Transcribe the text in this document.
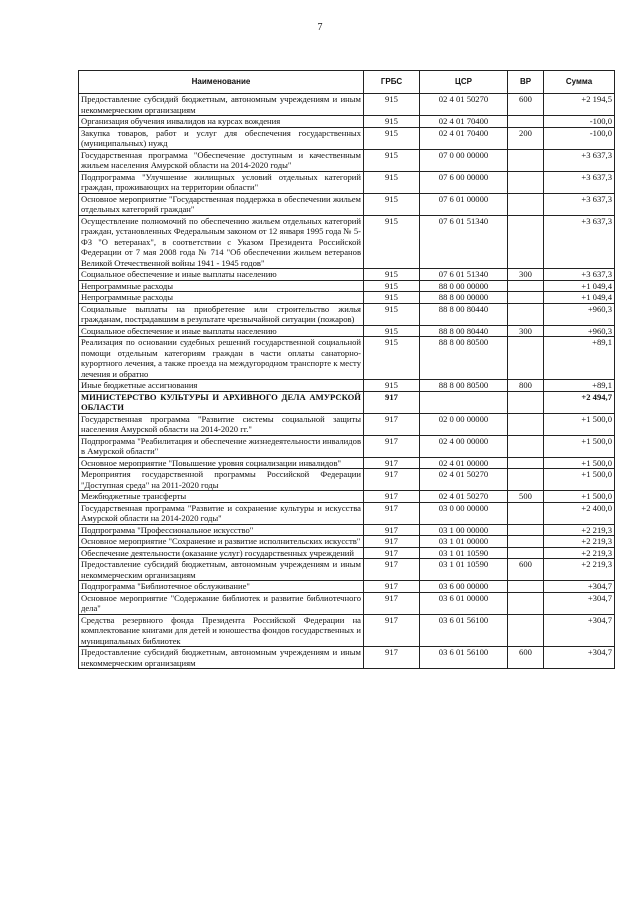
7
Наименование	ГРБС	ЦСР	ВР	Сумма
Предоставление субсидий бюджетным, автономным учреждениям и иным некоммерческим организациям	915	02 4 01 50270	600	+2 194,5
Организация обучения инвалидов на курсах вождения	915	02 4 01 70400		-100,0
Закупка товаров, работ и услуг для обеспечения государственных (муниципальных) нужд	915	02 4 01 70400	200	-100,0
Государственная программа "Обеспечение доступным и качественным жильем населения Амурской области на 2014-2020 годы"	915	07 0 00 00000		+3 637,3
Подпрограмма "Улучшение жилищных условий отдельных категорий граждан, проживающих на территории области"	915	07 6 00 00000		+3 637,3
Основное мероприятие "Государственная поддержка в обеспечении жильем отдельных категорий граждан"	915	07 6 01 00000		+3 637,3
Осуществление полномочий по обеспечению жильем отдельных категорий граждан, установленных Федеральным законом от 12 января 1995 года № 5-ФЗ "О ветеранах", в соответствии с Указом Президента Российской Федерации от 7 мая 2008 года № 714 "Об обеспечении жильем ветеранов Великой Отечественной войны 1941 - 1945 годов"	915	07 6 01 51340		+3 637,3
Социальное обеспечение и иные выплаты населению	915	07 6 01 51340	300	+3 637,3
Непрограммные расходы	915	88 0 00 00000		+1 049,4
Непрограммные расходы	915	88 8 00 00000		+1 049,4
Социальные выплаты на приобретение или строительство жилья гражданам, пострадавшим в результате чрезвычайной ситуации (пожаров)	915	88 8 00 80440		+960,3
Социальное обеспечение и иные выплаты населению	915	88 8 00 80440	300	+960,3
Реализация по основании судебных решений государственной социальной помощи отдельным категориям граждан в части оплаты санаторно-курортного лечения, а также проезда на междугородном транспорте к месту лечения и обратно	915	88 8 00 80500		+89,1
Иные бюджетные ассигнования	915	88 8 00 80500	800	+89,1
МИНИСТЕРСТВО КУЛЬТУРЫ И АРХИВНОГО ДЕЛА АМУРСКОЙ ОБЛАСТИ	917			+2 494,7
Государственная программа "Развитие системы социальной защиты населения Амурской области на 2014-2020 гг."	917	02 0 00 00000		+1 500,0
Подпрограмма "Реабилитация и обеспечение жизнедеятельности инвалидов в Амурской области"	917	02 4 00 00000		+1 500,0
Основное мероприятие "Повышение уровня социализации инвалидов"	917	02 4 01 00000		+1 500,0
Мероприятия государственной программы Российской Федерации "Доступная среда" на 2011-2020 годы	917	02 4 01 50270		+1 500,0
Межбюджетные трансферты	917	02 4 01 50270	500	+1 500,0
Государственная программа "Развитие и сохранение культуры и искусства Амурской области на 2014-2020 годы"	917	03 0 00 00000		+2 400,0
Подпрограмма "Профессиональное искусство"	917	03 1 00 00000		+2 219,3
Основное мероприятие "Сохранение и развитие исполнительских искусств"	917	03 1 01 00000		+2 219,3
Обеспечение деятельности (оказание услуг) государственных учреждений	917	03 1 01 10590		+2 219,3
Предоставление субсидий бюджетным, автономным учреждениям и иным некоммерческим организациям	917	03 1 01 10590	600	+2 219,3
Подпрограмма "Библиотечное обслуживание"	917	03 6 00 00000		+304,7
Основное мероприятие "Содержание библиотек и развитие библиотечного дела"	917	03 6 01 00000		+304,7
Средства резервного фонда Президента Российской Федерации на комплектование книгами для детей и юношества фондов государственных и муниципальных библиотек	917	03 6 01 56100		+304,7
Предоставление субсидий бюджетным, автономным учреждениям и иным некоммерческим организациям	917	03 6 01 56100	600	+304,7
